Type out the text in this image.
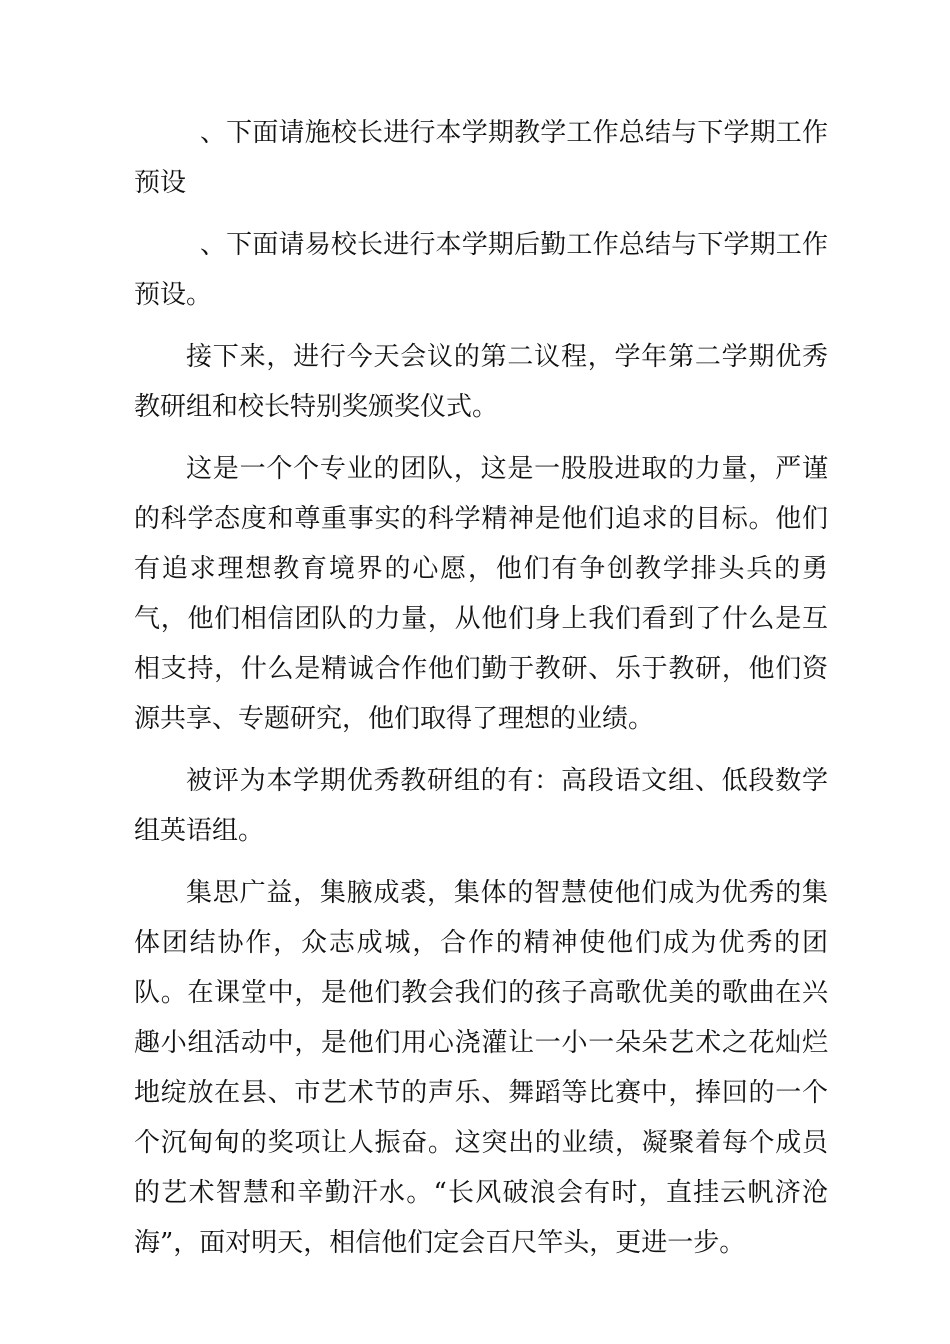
、下面请施校长进行本学期教学工作总结与下学期工作预设

、下面请易校长进行本学期后勤工作总结与下学期工作预设。

接下来，进行今天会议的第二议程，学年第二学期优秀教研组和校长特别奖颁奖仪式。

这是一个个专业的团队，这是一股股进取的力量，严谨的科学态度和尊重事实的科学精神是他们追求的目标。他们有追求理想教育境界的心愿，他们有争创教学排头兵的勇气，他们相信团队的力量，从他们身上我们看到了什么是互相支持，什么是精诚合作他们勤于教研、乐于教研，他们资源共享、专题研究，他们取得了理想的业绩。

被评为本学期优秀教研组的有：高段语文组、低段数学组英语组。

集思广益，集腋成裘，集体的智慧使他们成为优秀的集体团结协作，众志成城，合作的精神使他们成为优秀的团队。在课堂中，是他们教会我们的孩子高歌优美的歌曲在兴趣小组活动中，是他们用心浇灌让一小一朵朵艺术之花灿烂地绽放在县、市艺术节的声乐、舞蹈等比赛中，捧回的一个个沉甸甸的奖项让人振奋。这突出的业绩，凝聚着每个成员的艺术智慧和辛勤汗水。“长风破浪会有时，直挂云帆济沧海”，面对明天，相信他们定会百尺竿头，更进一步。
